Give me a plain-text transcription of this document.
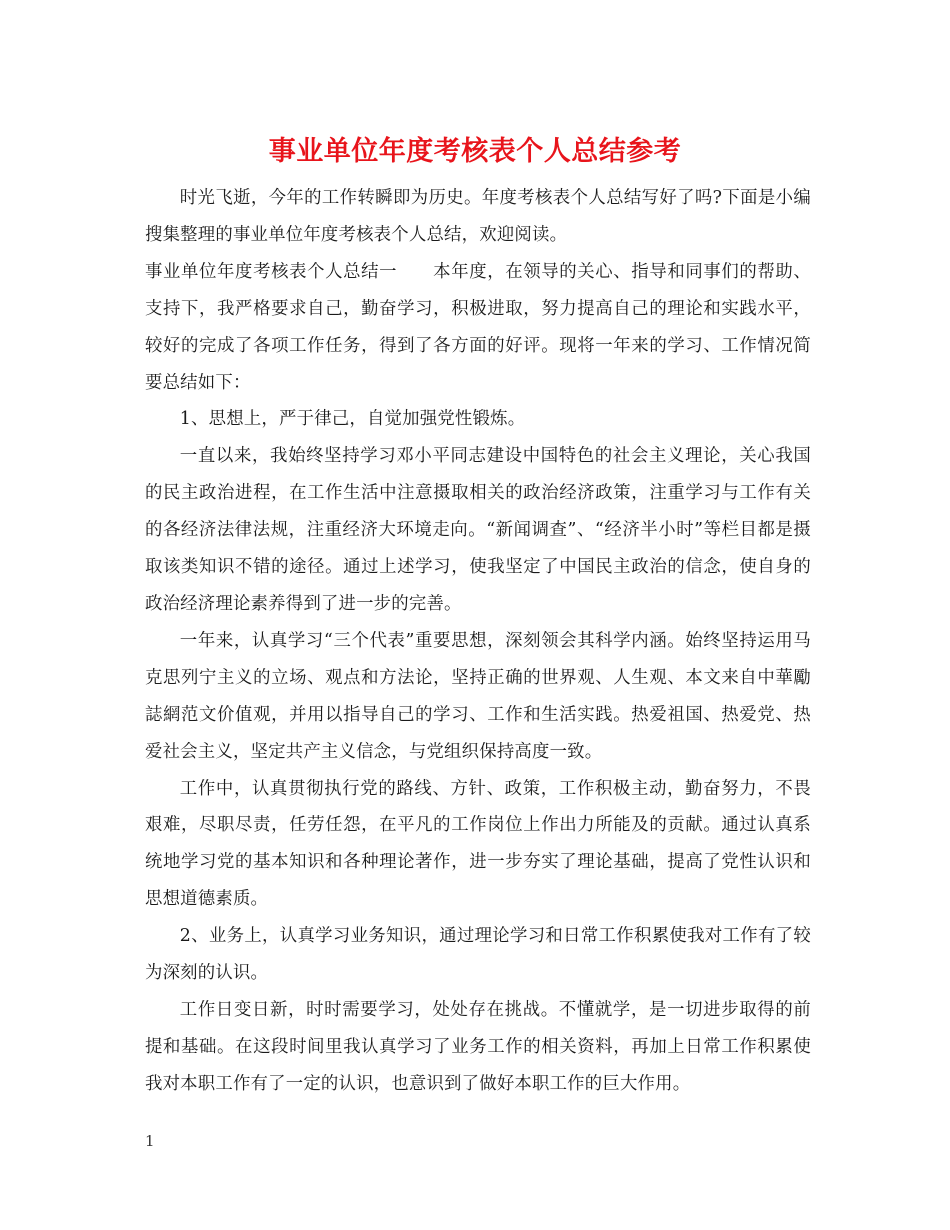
事业单位年度考核表个人总结参考

时光飞逝，今年的工作转瞬即为历史。年度考核表个人总结写好了吗?下面是小编搜集整理的事业单位年度考核表个人总结，欢迎阅读。

事业单位年度考核表个人总结一　　本年度，在领导的关心、指导和同事们的帮助、支持下，我严格要求自己，勤奋学习，积极进取，努力提高自己的理论和实践水平，较好的完成了各项工作任务，得到了各方面的好评。现将一年来的学习、工作情况简要总结如下：

1、思想上，严于律己，自觉加强党性锻炼。

一直以来，我始终坚持学习邓小平同志建设中国特色的社会主义理论，关心我国的民主政治进程，在工作生活中注意摄取相关的政治经济政策，注重学习与工作有关的各经济法律法规，注重经济大环境走向。“新闻调查”、“经济半小时”等栏目都是摄取该类知识不错的途径。通过上述学习，使我坚定了中国民主政治的信念，使自身的政治经济理论素养得到了进一步的完善。

一年来，认真学习“三个代表”重要思想，深刻领会其科学内涵。始终坚持运用马克思列宁主义的立场、观点和方法论，坚持正确的世界观、人生观、本文来自中華勵誌網范文价值观，并用以指导自己的学习、工作和生活实践。热爱祖国、热爱党、热爱社会主义，坚定共产主义信念，与党组织保持高度一致。

工作中，认真贯彻执行党的路线、方针、政策，工作积极主动，勤奋努力，不畏艰难，尽职尽责，任劳任怨，在平凡的工作岗位上作出力所能及的贡献。通过认真系统地学习党的基本知识和各种理论著作，进一步夯实了理论基础，提高了党性认识和思想道德素质。

2、业务上，认真学习业务知识，通过理论学习和日常工作积累使我对工作有了较为深刻的认识。

工作日变日新，时时需要学习，处处存在挑战。不懂就学，是一切进步取得的前提和基础。在这段时间里我认真学习了业务工作的相关资料，再加上日常工作积累使我对本职工作有了一定的认识，也意识到了做好本职工作的巨大作用。

1
